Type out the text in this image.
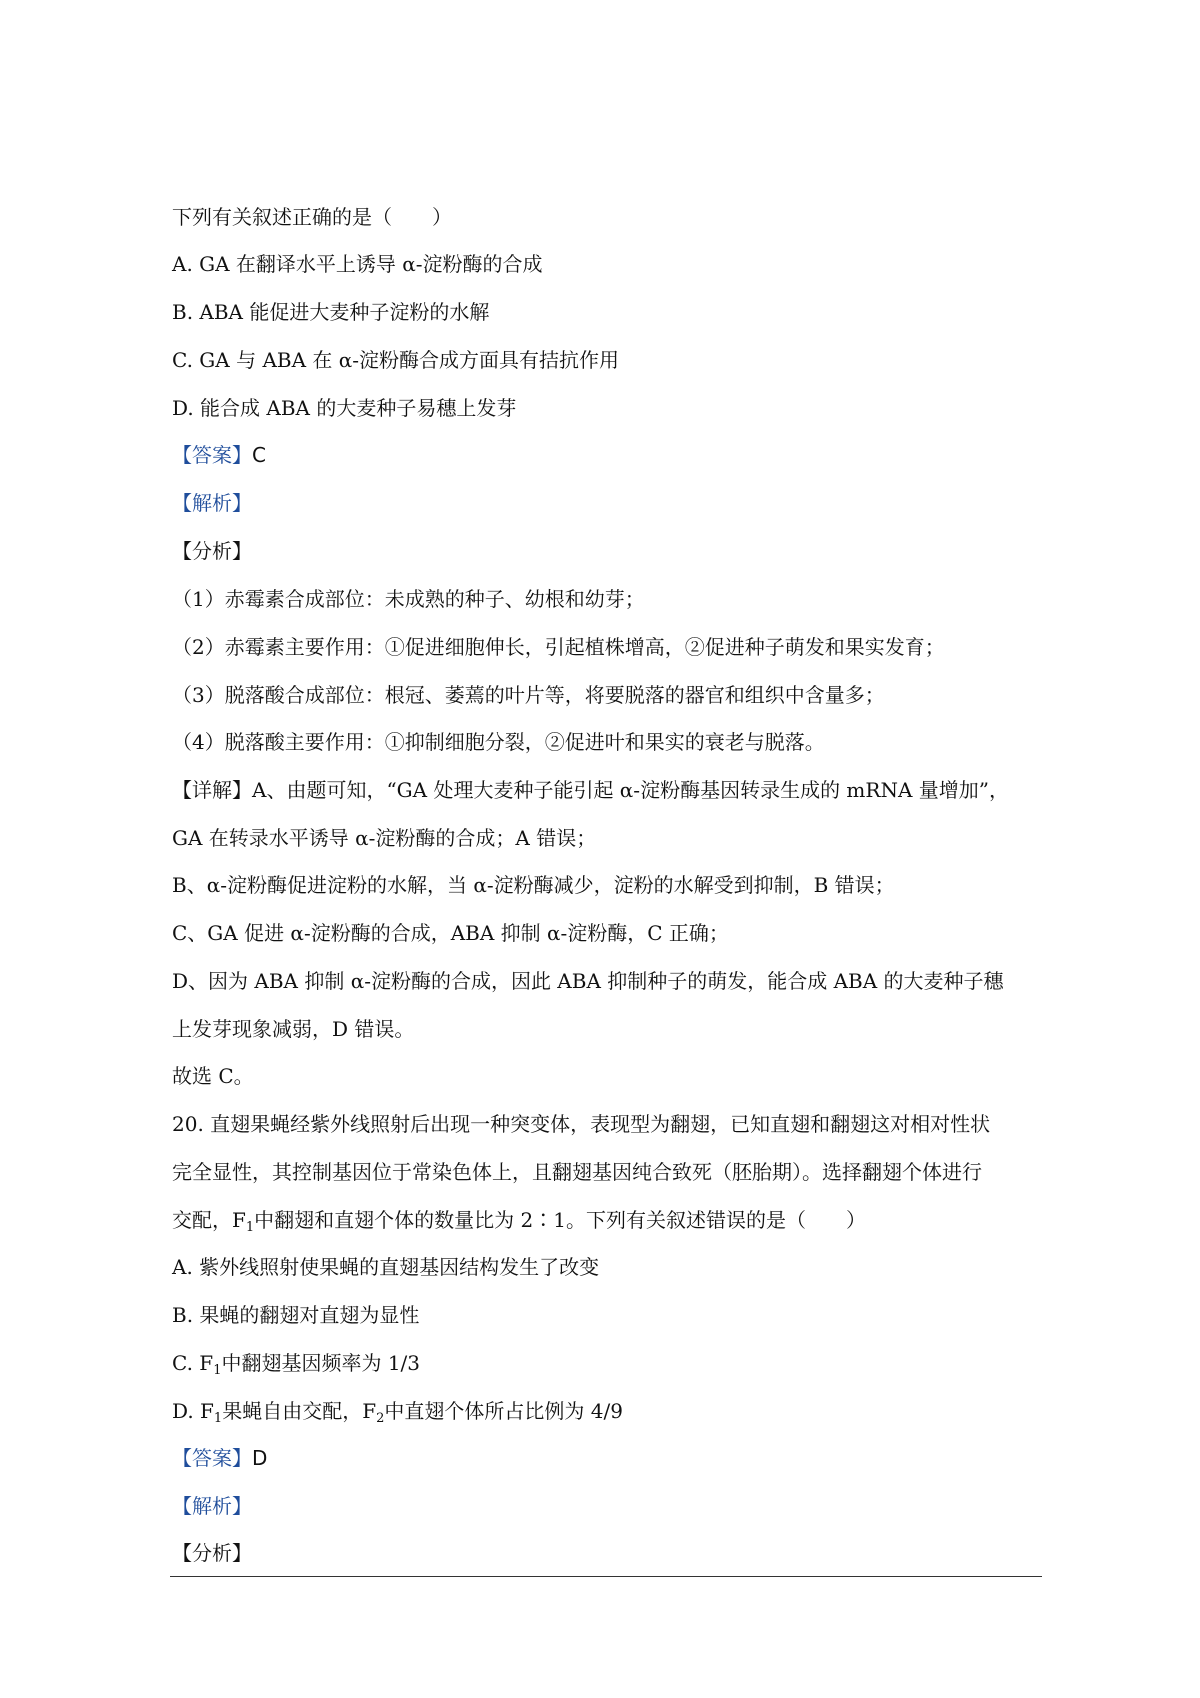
下列有关叙述正确的是（　　）
A. GA 在翻译水平上诱导 α-淀粉酶的合成
B. ABA 能促进大麦种子淀粉的水解
C. GA 与 ABA 在 α-淀粉酶合成方面具有拮抗作用
D. 能合成 ABA 的大麦种子易穗上发芽
【答案】C
【解析】
【分析】
（1）赤霉素合成部位：未成熟的种子、幼根和幼芽；
（2）赤霉素主要作用：①促进细胞伸长，引起植株增高，②促进种子萌发和果实发育；
（3）脱落酸合成部位：根冠、萎蔫的叶片等，将要脱落的器官和组织中含量多；
（4）脱落酸主要作用：①抑制细胞分裂，②促进叶和果实的衰老与脱落。
【详解】A、由题可知，“GA 处理大麦种子能引起 α-淀粉酶基因转录生成的 mRNA 量增加”，
GA 在转录水平诱导 α-淀粉酶的合成；A 错误；
B、α-淀粉酶促进淀粉的水解，当 α-淀粉酶减少，淀粉的水解受到抑制，B 错误；
C、GA 促进 α-淀粉酶的合成，ABA 抑制 α-淀粉酶，C 正确；
D、因为 ABA 抑制 α-淀粉酶的合成，因此 ABA 抑制种子的萌发，能合成 ABA 的大麦种子穗
上发芽现象减弱，D 错误。
故选 C。
20. 直翅果蝇经紫外线照射后出现一种突变体，表现型为翻翅，已知直翅和翻翅这对相对性状
完全显性，其控制基因位于常染色体上，且翻翅基因纯合致死（胚胎期）。选择翻翅个体进行
交配，$F_1$中翻翅和直翅个体的数量比为 2∶1。下列有关叙述错误的是（　　）
A. 紫外线照射使果蝇的直翅基因结构发生了改变
B. 果蝇的翻翅对直翅为显性
C. $F_1$中翻翅基因频率为 1/3
D. $F_1$果蝇自由交配，$F_2$中直翅个体所占比例为 4/9
【答案】D
【解析】
【分析】
